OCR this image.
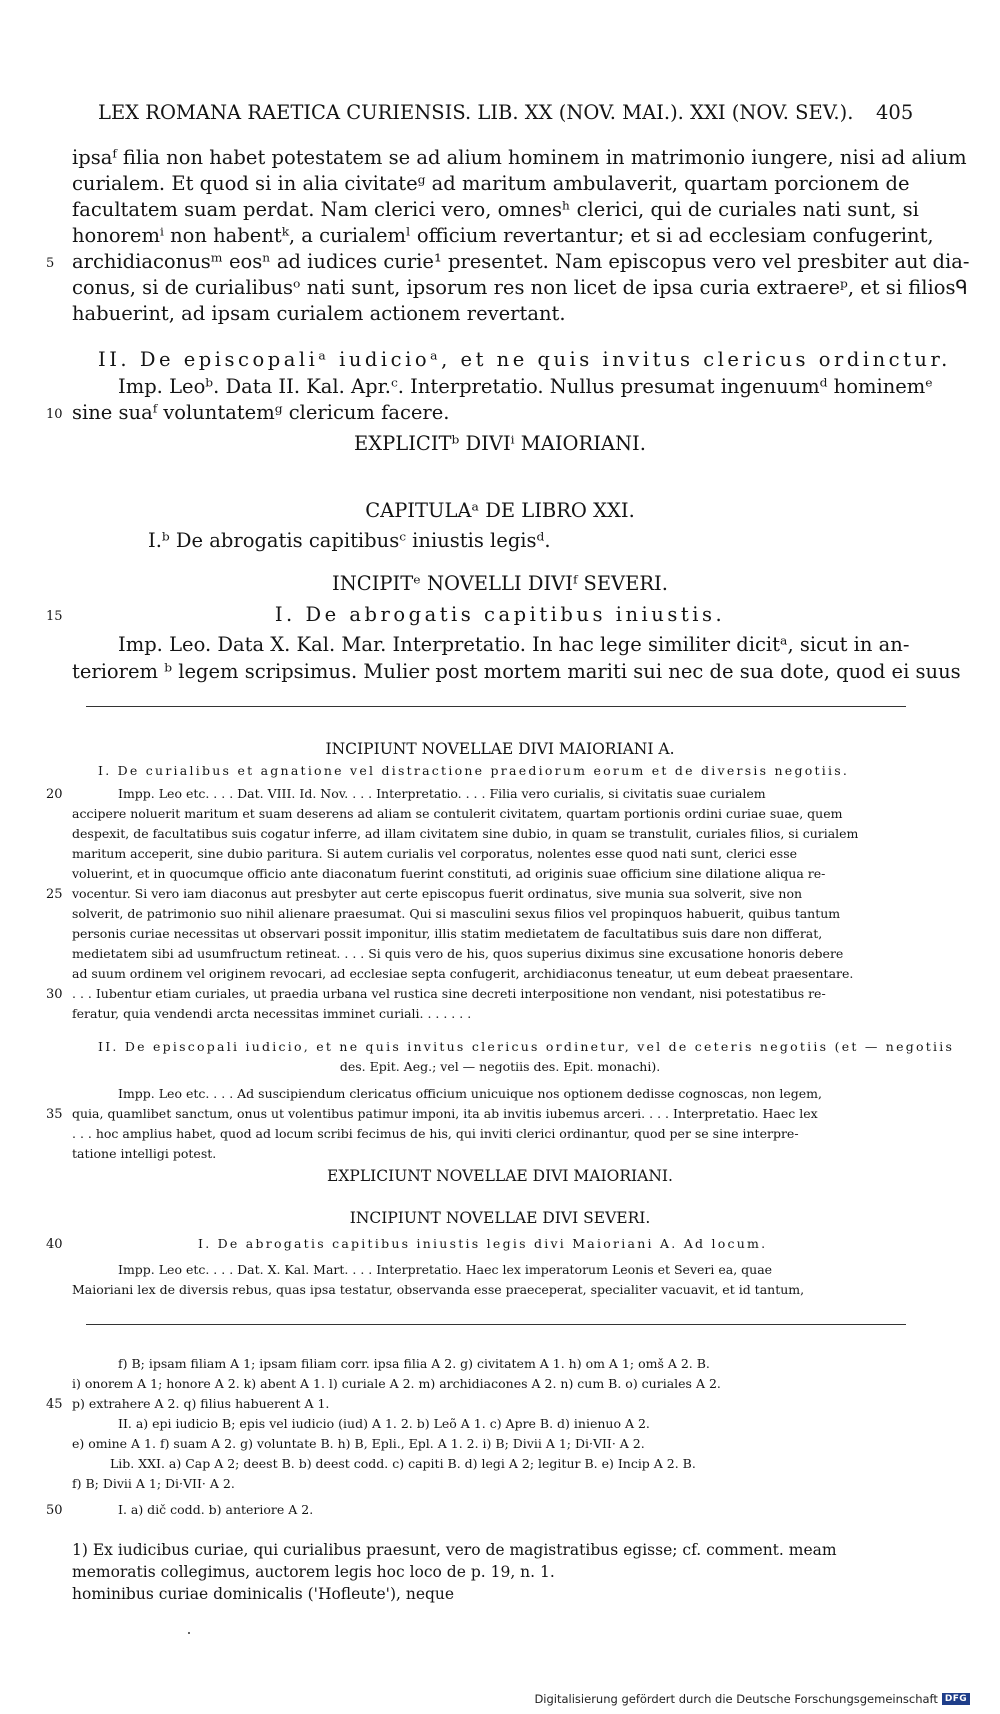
LEX ROMANA RAETICA CURIENSIS. LIB. XX (NOV. MAI.). XXI (NOV. SEV.). 405
ipsaᶠ filia non habet potestatem se ad alium hominem in matrimonio iungere, nisi ad alium
curialem. Et quod si in alia civitateᵍ ad maritum ambulaverit, quartam porcionem de
facultatem suam perdat. Nam clerici vero, omnesʰ clerici, qui de curiales nati sunt, si
honoremⁱ non habentᵏ, a curialemˡ officium revertantur; et si ad ecclesiam confugerint,
5 archidiaconusᵐ eosⁿ ad iudices curie¹ presentet. Nam episcopus vero vel presbiter aut dia-
conus, si de curialibusᵒ nati sunt, ipsorum res non licet de ipsa curia extraereᵖ, et si filiosᑫ
habuerint, ad ipsam curialem actionem revertant.
II. De episcopaliᵃ iudicioᵃ, et ne quis invitus clericus ordinctur.
Imp. Leoᵇ. Data II. Kal. Apr.ᶜ. Interpretatio. Nullus presumat ingenuumᵈ hominemᵉ
10 sine suaᶠ voluntatemᵍ clericum facere.
EXPLICITᵇ DIVIⁱ MAIORIANI.
CAPITULAᵃ DE LIBRO XXI.
I.ᵇ De abrogatis capitibusᶜ iniustis legisᵈ.
INCIPITᵉ NOVELLI DIVIᶠ SEVERI.
15	I. De abrogatis capitibus iniustis.
Imp. Leo. Data X. Kal. Mar. Interpretatio. In hac lege similiter dicitᵃ, sicut in an-
teriorem ᵇ legem scripsimus. Mulier post mortem mariti sui nec de sua dote, quod ei suus
INCIPIUNT NOVELLAE DIVI MAIORIANI A.
I. De curialibus et agnatione vel distractione praediorum eorum et de diversis negotiis.
20	Impp. Leo etc. . . . Dat. VIII. Id. Nov. . . . Interpretatio. . . . Filia vero curialis, si civitatis suae curialem
accipere noluerit maritum et suam deserens ad aliam se contulerit civitatem, quartam portionis ordini curiae suae, quem
despexit, de facultatibus suis cogatur inferre, ad illam civitatem sine dubio, in quam se transtulit, curiales filios, si curialem
maritum acceperit, sine dubio paritura. Si autem curialis vel corporatus, nolentes esse quod nati sunt, clerici esse
voluerint, et in quocumque officio ante diaconatum fuerint constituti, ad originis suae officium sine dilatione aliqua re-
25 vocentur. Si vero iam diaconus aut presbyter aut certe episcopus fuerit ordinatus, sive munia sua solverit, sive non
solverit, de patrimonio suo nihil alienare praesumat. Qui si masculini sexus filios vel propinquos habuerit, quibus tantum
personis curiae necessitas ut observari possit imponitur, illis statim medietatem de facultatibus suis dare non differat,
medietatem sibi ad usumfructum retineat. . . . Si quis vero de his, quos superius diximus sine excusatione honoris debere
ad suum ordinem vel originem revocari, ad ecclesiae septa confugerit, archidiaconus teneatur, ut eum debeat praesentare.
30 . . . Iubentur etiam curiales, ut praedia urbana vel rustica sine decreti interpositione non vendant, nisi potestatibus re-
feratur, quia vendendi arcta necessitas imminet curiali. . . . . . .
II. De episcopali iudicio, et ne quis invitus clericus ordinetur, vel de ceteris negotiis (et — negotiis
des. Epit. Aeg.; vel — negotiis des. Epit. monachi).
Impp. Leo etc. . . . Ad suscipiendum clericatus officium unicuique nos optionem dedisse cognoscas, non legem,
35 quia, quamlibet sanctum, onus ut volentibus patimur imponi, ita ab invitis iubemus arceri. . . . Interpretatio. Haec lex
. . . hoc amplius habet, quod ad locum scribi fecimus de his, qui inviti clerici ordinantur, quod per se sine interpre-
tatione intelligi potest.
EXPLICIUNT NOVELLAE DIVI MAIORIANI.
INCIPIUNT NOVELLAE DIVI SEVERI.
40	I. De abrogatis capitibus iniustis legis divi Maioriani A. Ad locum.
Impp. Leo etc. . . . Dat. X. Kal. Mart. . . . Interpretatio. Haec lex imperatorum Leonis et Severi ea, quae
Maioriani lex de diversis rebus, quas ipsa testatur, observanda esse praeceperat, specialiter vacuavit, et id tantum,
f) B; ipsam filiam A 1; ipsam filiam corr. ipsa filia A 2. g) civitatem A 1. h) om A 1; omš A 2. B.
i) onorem A 1; honore A 2. k) abent A 1. l) curiale A 2. m) archidiacones A 2. n) cum B. o) curiales A 2.
45 p) extrahere A 2. q) filius habuerent A 1.
II. a) epi iudicio B; epis vel iudicio (iud) A 1. 2. b) Leõ A 1. c) Apre B. d) inienuo A 2.
e) omine A 1. f) suam A 2. g) voluntate B. h) B, Epli., Epl. A 1. 2. i) B; Divii A 1; Di·VII· A 2.
Lib. XXI. a) Cap A 2; deest B. b) deest codd. c) capiti B. d) legi A 2; legitur B. e) Incip A 2. B.
f) B; Divii A 1; Di·VII· A 2.
50	I. a) dič codd. b) anteriore A 2.
1) Ex iudicibus curiae, qui curialibus praesunt, vero de magistratibus egisse; cf. comment. meam
memoratis collegimus, auctorem legis hoc loco de p. 19, n. 1.
hominibus curiae dominicalis ('Hofleute'), neque
Digitalisierung gefördert durch die Deutsche Forschungsgemeinschaft DFG
